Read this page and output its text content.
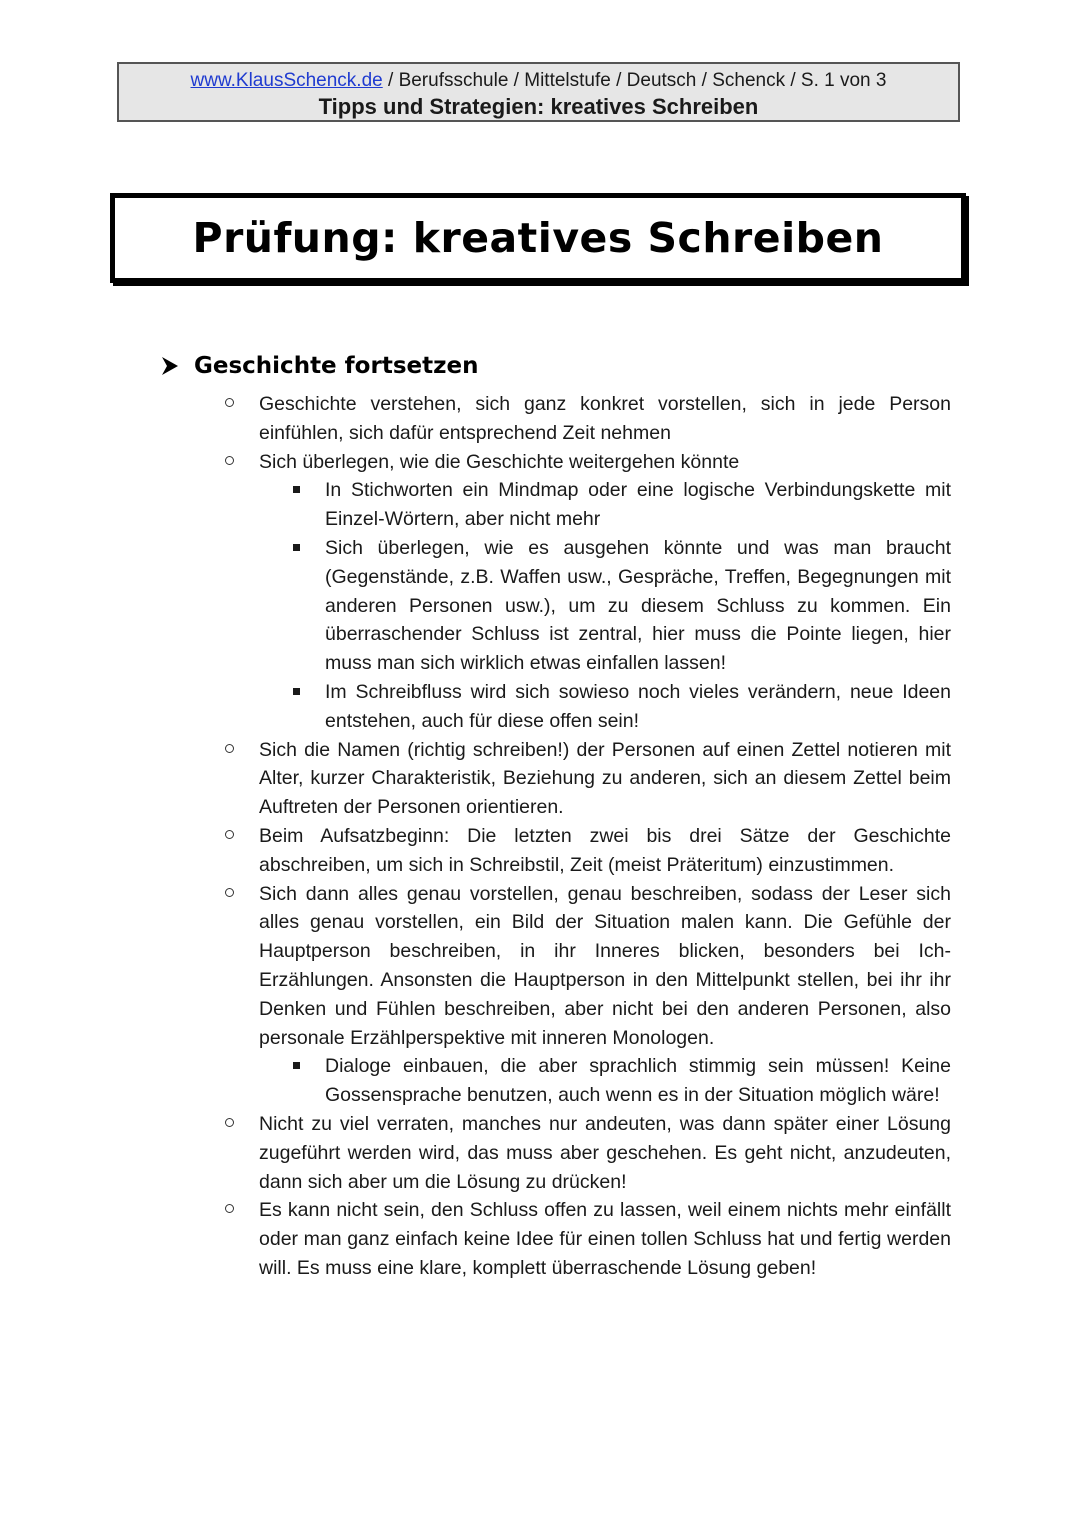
www.KlausSchenck.de / Berufsschule / Mittelstufe / Deutsch / Schenck / S. 1 von 3
Tipps und Strategien: kreatives Schreiben
Prüfung: kreatives Schreiben
Geschichte fortsetzen
Geschichte verstehen, sich ganz konkret vorstellen, sich in jede Person einfühlen, sich dafür entsprechend Zeit nehmen
Sich überlegen, wie die Geschichte weitergehen könnte
In Stichworten ein Mindmap oder eine logische Verbindungskette mit Einzel-Wörtern, aber nicht mehr
Sich überlegen, wie es ausgehen könnte und was man braucht (Gegenstände, z.B. Waffen usw., Gespräche, Treffen, Begegnungen mit anderen Personen usw.), um zu diesem Schluss zu kommen. Ein überraschender Schluss ist zentral, hier muss die Pointe liegen, hier muss man sich wirklich etwas einfallen lassen!
Im Schreibfluss wird sich sowieso noch vieles verändern, neue Ideen entstehen, auch für diese offen sein!
Sich die Namen (richtig schreiben!) der Personen auf einen Zettel notieren mit Alter, kurzer Charakteristik, Beziehung zu anderen, sich an diesem Zettel beim Auftreten der Personen orientieren.
Beim Aufsatzbeginn: Die letzten zwei bis drei Sätze der Geschichte abschreiben, um sich in Schreibstil, Zeit (meist Präteritum) einzustimmen.
Sich dann alles genau vorstellen, genau beschreiben, sodass der Leser sich alles genau vorstellen, ein Bild der Situation malen kann. Die Gefühle der Hauptperson beschreiben, in ihr Inneres blicken, besonders bei Ich-Erzählungen. Ansonsten die Hauptperson in den Mittelpunkt stellen, bei ihr ihr Denken und Fühlen beschreiben, aber nicht bei den anderen Personen, also personale Erzählperspektive mit inneren Monologen.
Dialoge einbauen, die aber sprachlich stimmig sein müssen! Keine Gossensprache benutzen, auch wenn es in der Situation möglich wäre!
Nicht zu viel verraten, manches nur andeuten, was dann später einer Lösung zugeführt werden wird, das muss aber geschehen. Es geht nicht, anzudeuten, dann sich aber um die Lösung zu drücken!
Es kann nicht sein, den Schluss offen zu lassen, weil einem nichts mehr einfällt oder man ganz einfach keine Idee für einen tollen Schluss hat und fertig werden will. Es muss eine klare, komplett überraschende Lösung geben!
